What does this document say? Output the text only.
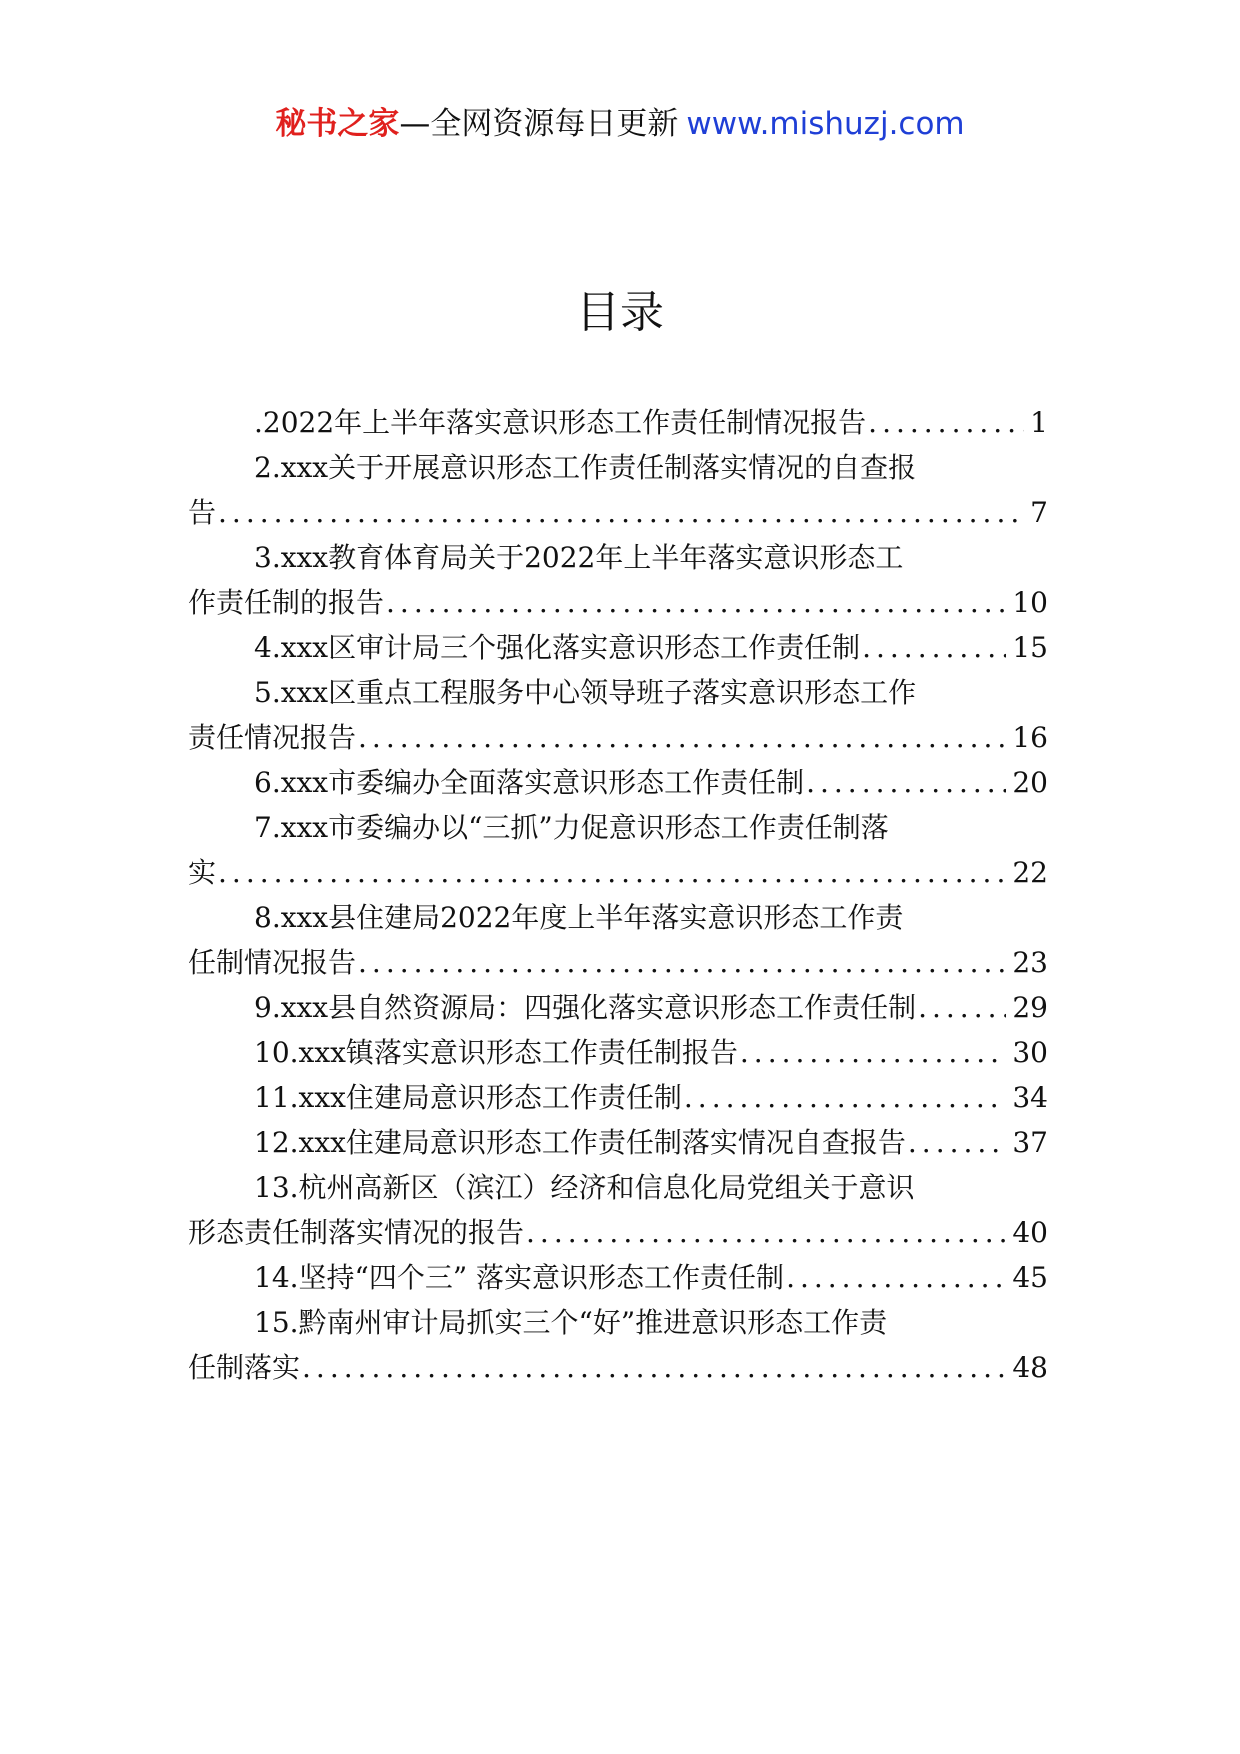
秘书之家—全网资源每日更新 www.mishuzj.com
目录
.2022年上半年落实意识形态工作责任制情况报告 .....	1
2.xxx关于开展意识形态工作责任制落实情况的自查报
告 .....	7
3.xxx教育体育局关于2022年上半年落实意识形态工
作责任制的报告 .....	10
4.xxx区审计局三个强化落实意识形态工作责任制 .....	15
5.xxx区重点工程服务中心领导班子落实意识形态工作
责任情况报告 .....	16
6.xxx市委编办全面落实意识形态工作责任制 .....	20
7.xxx市委编办以“三抓”力促意识形态工作责任制落
实 .....	22
8.xxx县住建局2022年度上半年落实意识形态工作责
任制情况报告 .....	23
9.xxx县自然资源局：四强化落实意识形态工作责任制 .....	29
10.xxx镇落实意识形态工作责任制报告 .....	30
11.xxx住建局意识形态工作责任制 .....	34
12.xxx住建局意识形态工作责任制落实情况自查报告 .....	37
13.杭州高新区（滨江）经济和信息化局党组关于意识
形态责任制落实情况的报告 .....	40
14.坚持“四个三” 落实意识形态工作责任制 .....	45
15.黔南州审计局抓实三个“好”推进意识形态工作责
任制落实 .....	48
